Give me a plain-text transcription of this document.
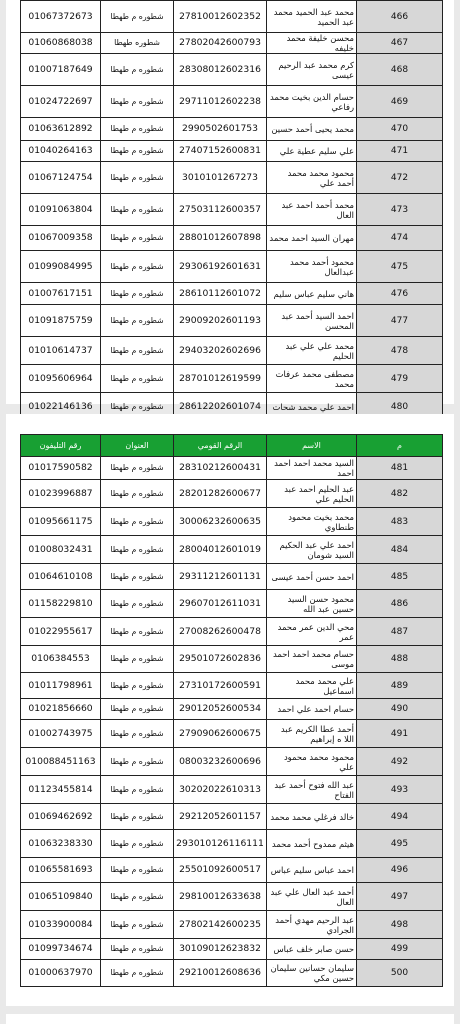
01067372673	شطوره م طهطا	27810012602352	محمد عبد الحميد محمد عبد الحميد	466
01060868038	شطوره طهطا	27802042600793	محسن خليفة محمد خليفه	467
01007187649	شطوره م طهطا	28308012602316	كرم محمد عبد الرحيم عيسى	468
01024722697	شطوره م طهطا	29711012602238	حسام الدين بخيت محمد رفاعي	469
01063612892	شطوره م طهطا	2990502601753	محمد يحيى أحمد حسين	470
01040264163	شطوره م طهطا	27407152600831	علي سليم عطية علي	471
01067124754	شطوره م طهطا	3010101267273	محمود محمد محمد أحمد علي	472
01091063804	شطوره م طهطا	27503112600357	محمد أحمد احمد عبد العال	473
01067009358	شطوره م طهطا	28801012607898	مهران السيد احمد محمد	474
01099084995	شطوره م طهطا	29306192601631	محمود أحمد محمد عبدالعال	475
01007617151	شطوره م طهطا	28610112601072	هاني سليم عباس سليم	476
01091875759	شطوره م طهطا	29009202601193	احمد السيد أحمد عبد المحسن	477
01010614737	شطوره م طهطا	29403202602696	محمد علي علي عبد الحليم	478
01095606964	شطوره م طهطا	28701012619599	مصطفى محمد عرفات محمد	479
01022146136	شطوره م طهطا	28612202601074	احمد علي محمد شحات	480
رقم التليفون	العنوان	الرقم القومي	الاسم	م
01017590582	شطوره م طهطا	28310212600431	السيد محمد احمد احمد احمد	481
01023996887	شطوره م طهطا	28201282600677	عبد الحليم احمد عبد الحليم علي	482
01095661175	شطوره م طهطا	30006232600635	محمد بخيت محمود طنطاوي	483
01008032431	شطوره م طهطا	28004012601019	احمد علي عبد الحكيم السيد شومان	484
01064610108	شطوره م طهطا	29311212601131	احمد حسن أحمد عيسى	485
01158229810	شطوره م طهطا	29607012611031	محمود حسن السيد حسين عبد الله	486
01022955617	شطوره م طهطا	27008262600478	محي الدين عمر محمد عمر	487
0106384553	شطوره م طهطا	29501072602836	حسام محمد احمد احمد موسى	488
01011798961	شطوره م طهطا	27310172600591	علي محمد محمد اسماعيل	489
01021856660	شطوره م طهطا	29012052600534	حسام احمد علي احمد	490
01002743975	شطوره م طهطا	27909062600675	أحمد عطا الكريم عبد اللا ه إبراهيم	491
010088451163	شطوره م طهطا	08003232600696	محمود محمد محمود علي	492
01123455814	شطوره م طهطا	30202022610313	عبد الله فتوح أحمد عبد الفتاح	493
01069462692	شطوره م طهطا	29212052601157	خالد فرغلي محمد محمد	494
01063238330	شطوره م طهطا	293010126116111	هيثم ممدوح أحمد محمد	495
01065581693	شطوره م طهطا	25501092600517	احمد عباس سليم عباس	496
01065109840	شطوره م طهطا	29810012633638	أحمد عبد العال علي عبد العال	497
01033900084	شطوره م طهطا	27802142600235	عبد الرحيم مهدي أحمد الجرادي	498
01099734674	شطوره م طهطا	30109012623832	حسن صابر خلف عباس	499
01000637970	شطوره م طهطا	29210012608636	سليمان حسانين سليمان حسين مكي	500
